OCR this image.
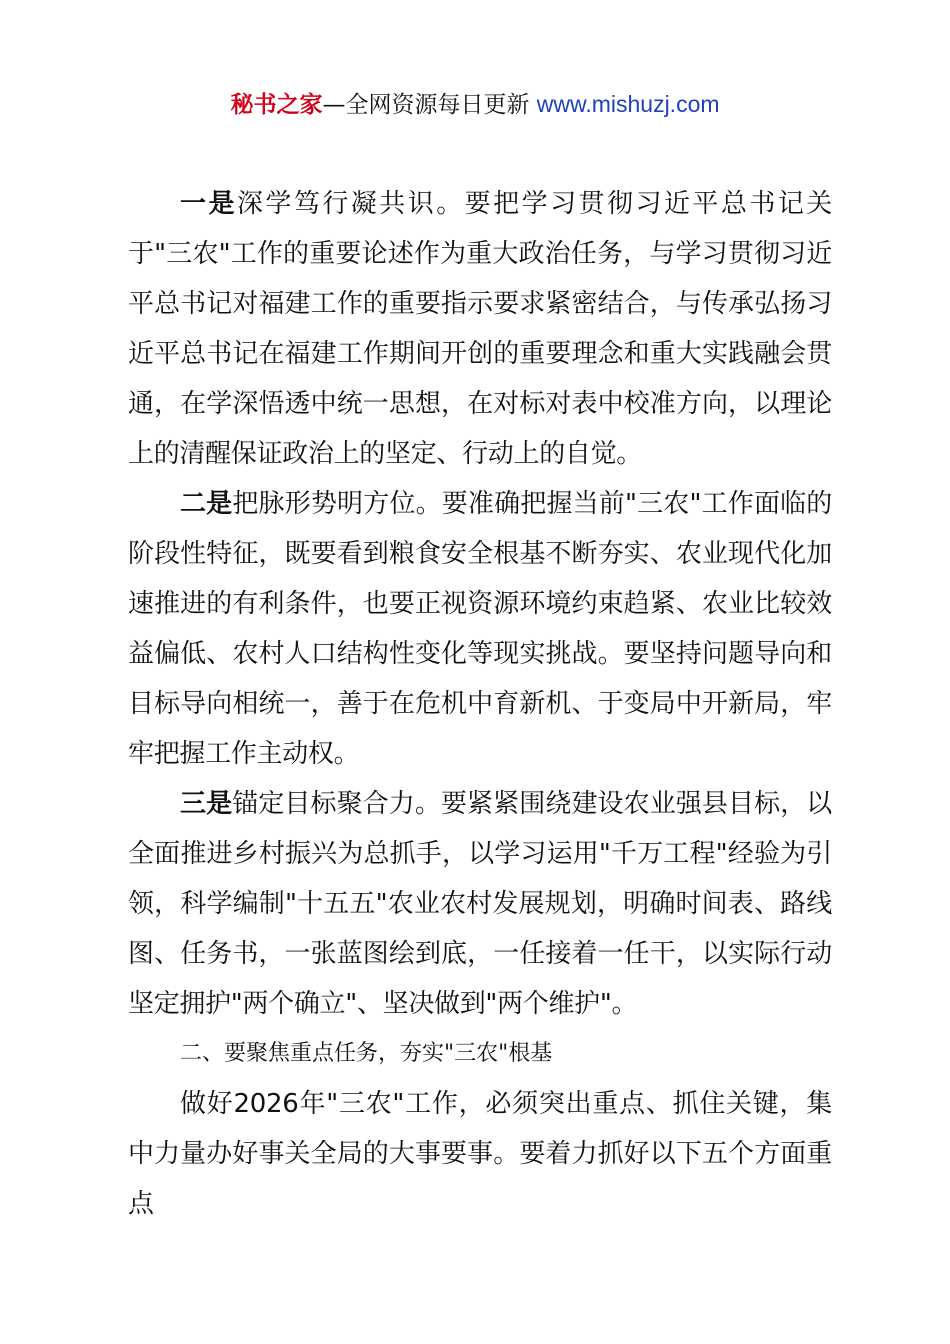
秘书之家—全网资源每日更新 www.mishuzj.com

一是深学笃行凝共识。要把学习贯彻习近平总书记关于"三农"工作的重要论述作为重大政治任务，与学习贯彻习近平总书记对福建工作的重要指示要求紧密结合，与传承弘扬习近平总书记在福建工作期间开创的重要理念和重大实践融会贯通，在学深悟透中统一思想，在对标对表中校准方向，以理论上的清醒保证政治上的坚定、行动上的自觉。

二是把脉形势明方位。要准确把握当前"三农"工作面临的阶段性特征，既要看到粮食安全根基不断夯实、农业现代化加速推进的有利条件，也要正视资源环境约束趋紧、农业比较效益偏低、农村人口结构性变化等现实挑战。要坚持问题导向和目标导向相统一，善于在危机中育新机、于变局中开新局，牢牢把握工作主动权。

三是锚定目标聚合力。要紧紧围绕建设农业强县目标，以全面推进乡村振兴为总抓手，以学习运用"千万工程"经验为引领，科学编制"十五五"农业农村发展规划，明确时间表、路线图、任务书，一张蓝图绘到底，一任接着一任干，以实际行动坚定拥护"两个确立"、坚决做到"两个维护"。

二、要聚焦重点任务，夯实"三农"根基

做好2026年"三农"工作，必须突出重点、抓住关键，集中力量办好事关全局的大事要事。要着力抓好以下五个方面重点
